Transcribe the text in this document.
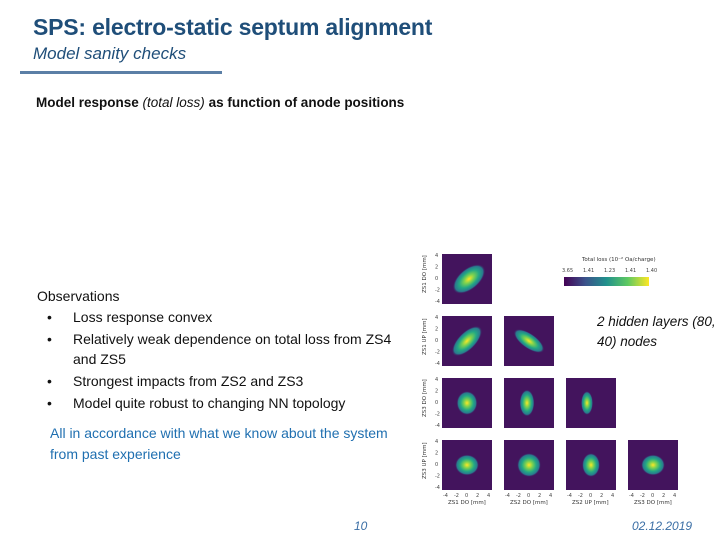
SPS: electro-static septum alignment
Model sanity checks
Model response (total loss) as function of anode positions
Observations
• Loss response convex
• Relatively weak dependence on total loss from ZS4 and ZS5
• Strongest impacts from ZS2 and ZS3
• Model quite robust to changing NN topology
All in accordance with what we know about the system from past experience
2 hidden layers (80, 40) nodes
Total loss (10⁻² Oa/charge)
3.65 1.41 1.23 1.41 1.40
4
2
0
-2
-4
4
2
0
-2
-4
4
2
0
-2
-4
4
2
0
-2
-4
ZS1 DO [mm]
ZS1 UP [mm]
ZS3 DO [mm]
ZS3 UP [mm]
-4 -2 0 2 4
ZS1 DO [mm]
-4 -2 0 2 4
ZS2 DO [mm]
-4 -2 0 2 4
ZS2 UP [mm]
-4 -2 0 2 4
ZS3 DO [mm]
10	02.12.2019
